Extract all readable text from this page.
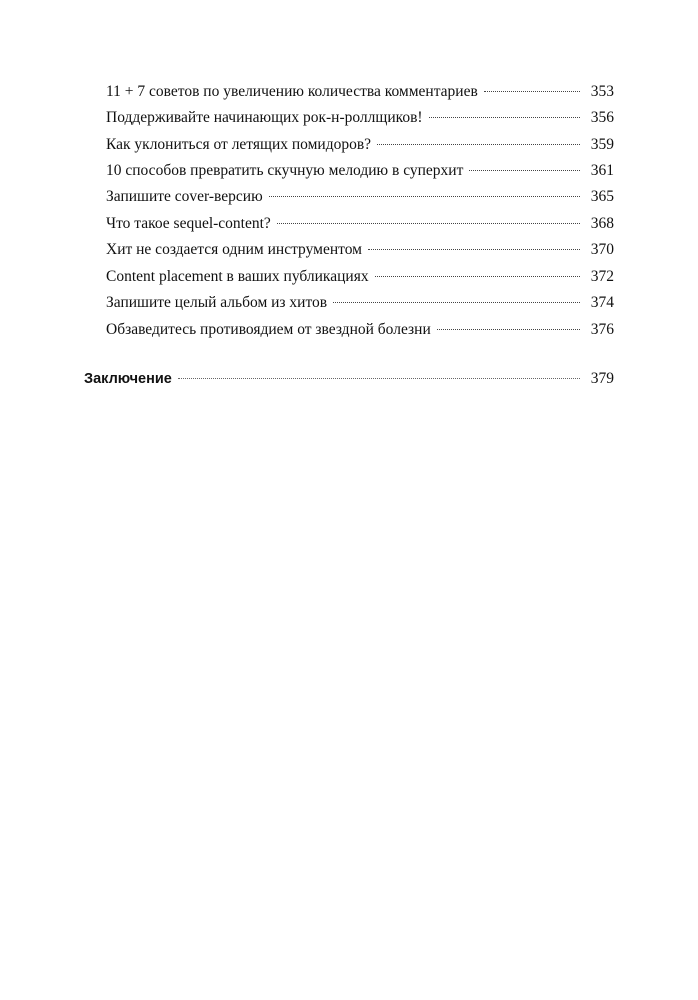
11 + 7 советов по увеличению количества комментариев	353
Поддерживайте начинающих рок-н-роллщиков!	356
Как уклониться от летящих помидоров?	359
10 способов превратить скучную мелодию в суперхит	361
Запишите cover-версию	365
Что такое sequel-content?	368
Хит не создается одним инструментом	370
Content placement в ваших публикациях	372
Запишите целый альбом из хитов	374
Обзаведитесь противоядием от звездной болезни	376
Заключение	379
